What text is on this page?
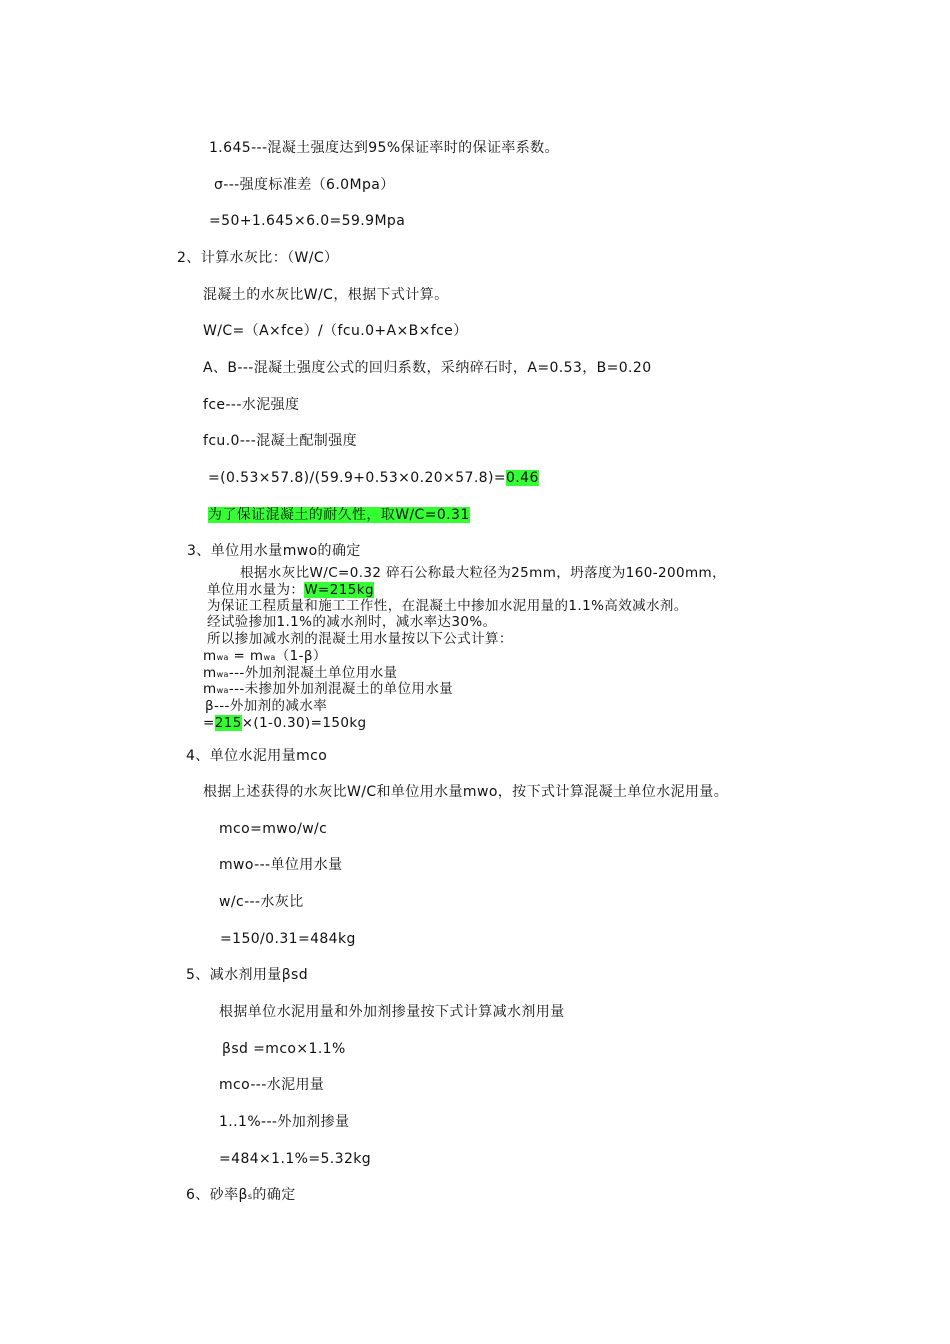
1.645---混凝土强度达到95%保证率时的保证率系数。
σ---强度标准差（6.0Mpa）
=50+1.645×6.0=59.9Mpa
2、计算水灰比：（W/C）
混凝土的水灰比W/C，根据下式计算。
W/C=（A×fce）/（fcu.0+A×B×fce）
A、B---混凝土强度公式的回归系数，采纳碎石时，A=0.53，B=0.20
fce---水泥强度
fcu.0---混凝土配制强度
=(0.53×57.8)/(59.9+0.53×0.20×57.8)=0.46
为了保证混凝土的耐久性，取W/C=0.31
3、单位用水量mwo的确定
根据水灰比W/C=0.32 碎石公称最大粒径为25mm，坍落度为160-200mm，
单位用水量为：W=215kg
为保证工程质量和施工工作性，在混凝土中掺加水泥用量的1.1%高效减水剂。
经试验掺加1.1%的减水剂时，减水率达30%。
所以掺加减水剂的混凝土用水量按以下公式计算：
mwa = mwa（1-β）
mwa---外加剂混凝土单位用水量
mwa---未掺加外加剂混凝土的单位用水量
β---外加剂的减水率
=215×(1-0.30)=150kg
4、单位水泥用量mco
根据上述获得的水灰比W/C和单位用水量mwo，按下式计算混凝土单位水泥用量。
mco=mwo/w/c
mwo---单位用水量
w/c---水灰比
=150/0.31=484kg
5、减水剂用量βsd
根据单位水泥用量和外加剂掺量按下式计算减水剂用量
βsd =mco×1.1%
mco---水泥用量
1..1%---外加剂掺量
=484×1.1%=5.32kg
6、砂率βs的确定
